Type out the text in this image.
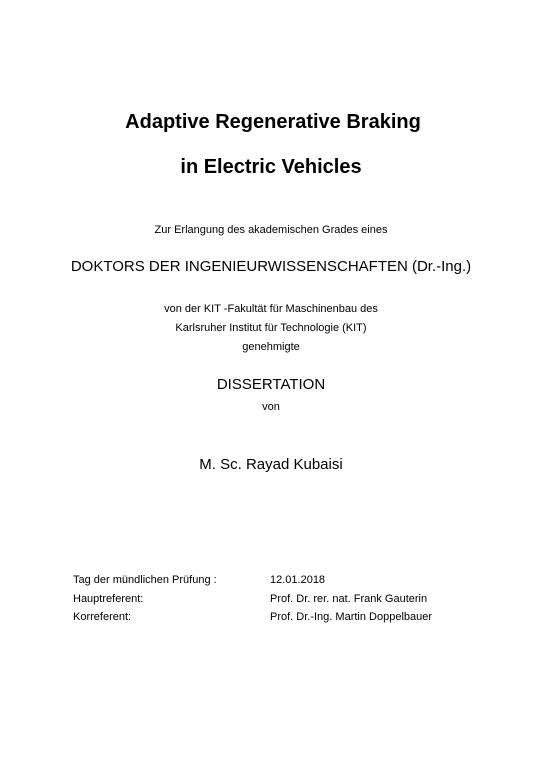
Adaptive Regenerative Braking
in Electric Vehicles
Zur Erlangung des akademischen Grades eines
DOKTORS DER INGENIEURWISSENSCHAFTEN (Dr.-Ing.)
von der KIT -Fakultät für Maschinenbau des
Karlsruher Institut für Technologie (KIT)
genehmigte
DISSERTATION
von
M. Sc. Rayad Kubaisi
Tag der mündlichen Prüfung :	12.01.2018
Hauptreferent:	Prof. Dr. rer. nat. Frank Gauterin
Korreferent:	Prof. Dr.-Ing. Martin Doppelbauer
